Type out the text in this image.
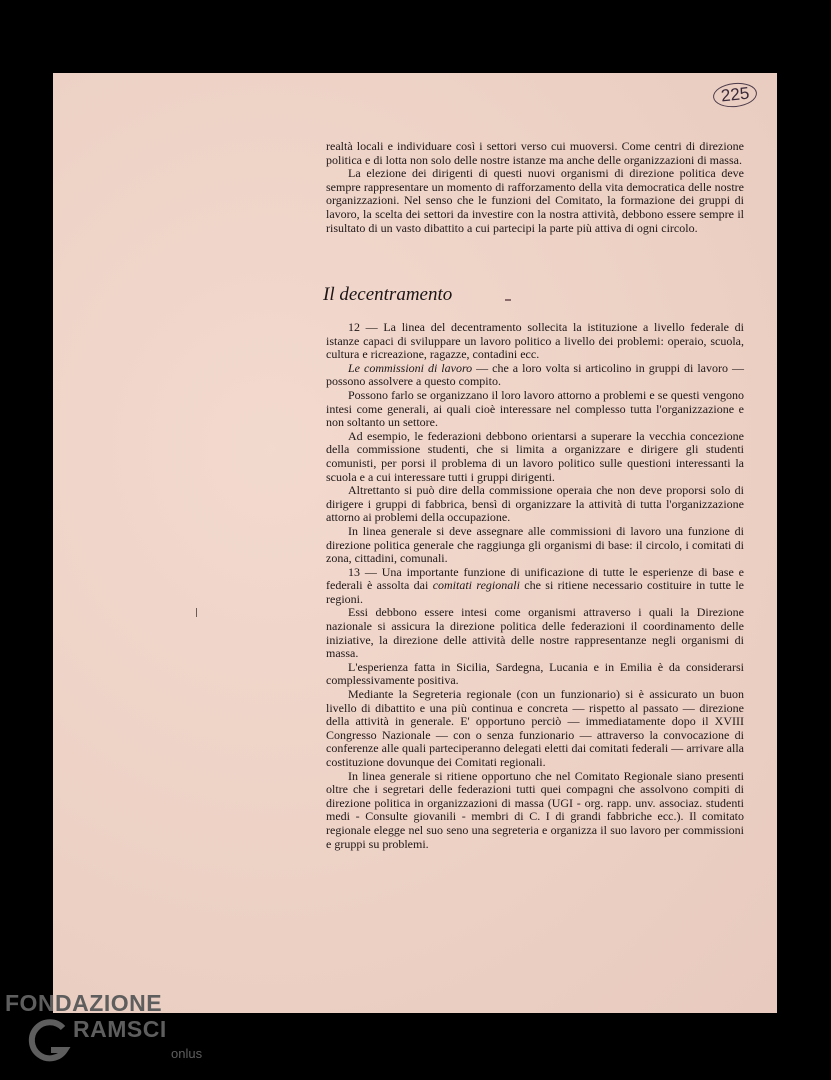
225

realtà locali e individuare così i settori verso cui muoversi. Come centri di direzione politica e di lotta non solo delle nostre istanze ma anche delle organizzazioni di massa.

La elezione dei dirigenti di questi nuovi organismi di direzione politica deve sempre rappresentare un momento di rafforzamento della vita democratica delle nostre organizzazioni. Nel senso che le funzioni del Comitato, la formazione dei gruppi di lavoro, la scelta dei settori da investire con la nostra attività, debbono essere sempre il risultato di un vasto dibattito a cui partecipi la parte più attiva di ogni circolo.

Il decentramento

12 — La linea del decentramento sollecita la istituzione a livello federale di istanze capaci di sviluppare un lavoro politico a livello dei problemi: operaio, scuola, cultura e ricreazione, ragazze, contadini ecc.

Le commissioni di lavoro — che a loro volta si articolino in gruppi di lavoro — possono assolvere a questo compito.

Possono farlo se organizzano il loro lavoro attorno a problemi e se questi vengono intesi come generali, ai quali cioè interessare nel complesso tutta l'organizzazione e non soltanto un settore.

Ad esempio, le federazioni debbono orientarsi a superare la vecchia concezione della commissione studenti, che si limita a organizzare e dirigere gli studenti comunisti, per porsi il problema di un lavoro politico sulle questioni interessanti la scuola e a cui interessare tutti i gruppi dirigenti.

Altrettanto si può dire della commissione operaia che non deve proporsi solo di dirigere i gruppi di fabbrica, bensì di organizzare la attività di tutta l'organizzazione attorno ai problemi della occupazione.

In linea generale si deve assegnare alle commissioni di lavoro una funzione di direzione politica generale che raggiunga gli organismi di base: il circolo, i comitati di zona, cittadini, comunali.

13 — Una importante funzione di unificazione di tutte le esperienze di base e federali è assolta dai comitati regionali che si ritiene necessario costituire in tutte le regioni.

Essi debbono essere intesi come organismi attraverso i quali la Direzione nazionale si assicura la direzione politica delle federazioni il coordinamento delle iniziative, la direzione delle attività delle nostre rappresentanze negli organismi di massa.

L'esperienza fatta in Sicilia, Sardegna, Lucania e in Emilia è da considerarsi complessivamente positiva.

Mediante la Segreteria regionale (con un funzionario) si è assicurato un buon livello di dibattito e una più continua e concreta — rispetto al passato — direzione della attività in generale. E' opportuno perciò — immediatamente dopo il XVIII Congresso Nazionale — con o senza funzionario — attraverso la convocazione di conferenze alle quali parteciperanno delegati eletti dai comitati federali — arrivare alla costituzione dovunque dei Comitati regionali.

In linea generale si ritiene opportuno che nel Comitato Regionale siano presenti oltre che i segretari delle federazioni tutti quei compagni che assolvono compiti di direzione politica in organizzazioni di massa (UGI - org. rapp. unv. associaz. studenti medi - Consulte giovanili - membri di C. I di grandi fabbriche ecc.). Il comitato regionale elegge nel suo seno una segreteria e organizza il suo lavoro per commissioni e gruppi su problemi.

FONDAZIONE
RAMSCI
onlus
